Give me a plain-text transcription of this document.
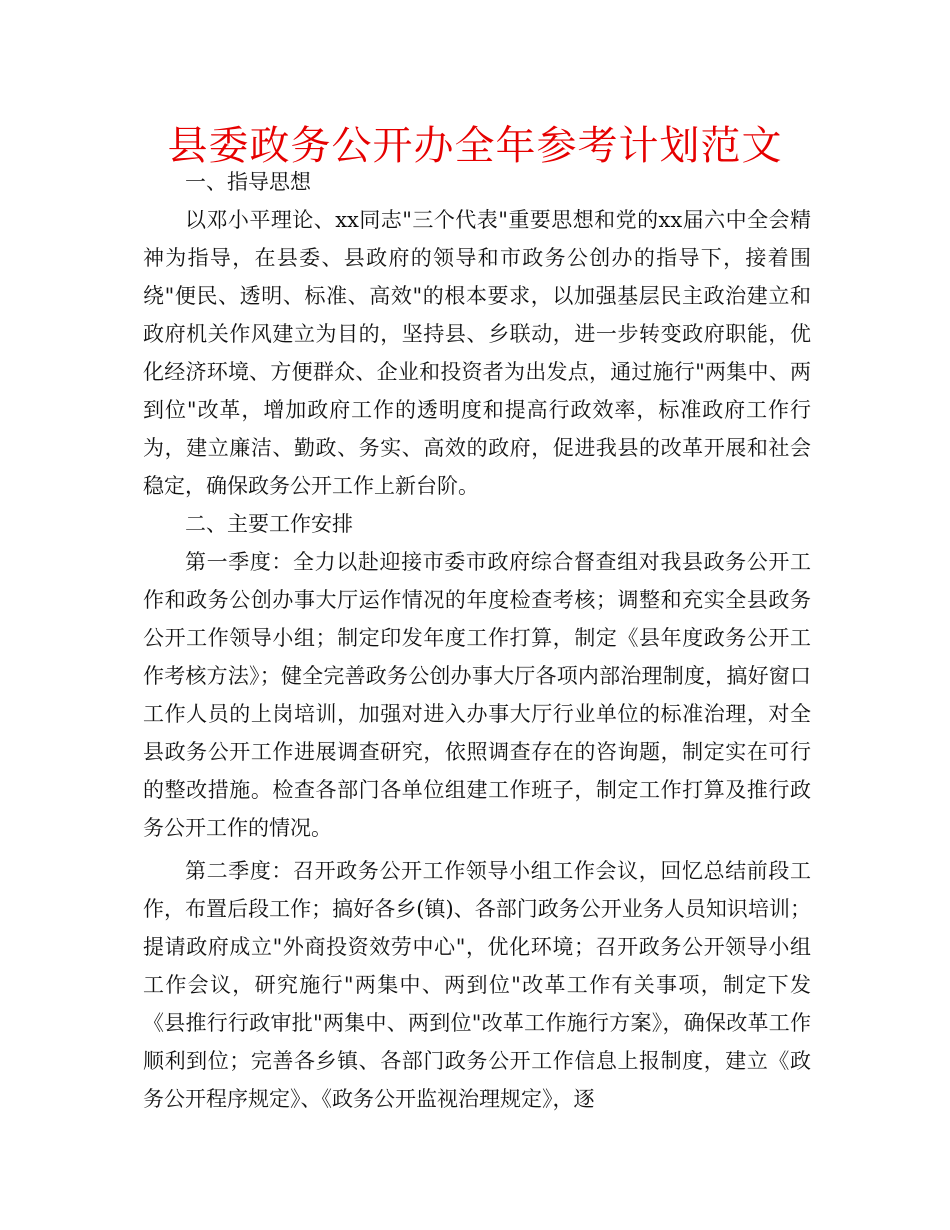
县委政务公开办全年参考计划范文

一、指导思想

以邓小平理论、xx同志"三个代表"重要思想和党的xx届六中全会精神为指导，在县委、县政府的领导和市政务公创办的指导下，接着围绕"便民、透明、标准、高效"的根本要求，以加强基层民主政治建立和政府机关作风建立为目的，坚持县、乡联动，进一步转变政府职能，优化经济环境、方便群众、企业和投资者为出发点，通过施行"两集中、两到位"改革，增加政府工作的透明度和提高行政效率，标准政府工作行为，建立廉洁、勤政、务实、高效的政府，促进我县的改革开展和社会稳定，确保政务公开工作上新台阶。

二、主要工作安排

第一季度：全力以赴迎接市委市政府综合督查组对我县政务公开工作和政务公创办事大厅运作情况的年度检查考核；调整和充实全县政务公开工作领导小组；制定印发年度工作打算，制定《县年度政务公开工作考核方法》；健全完善政务公创办事大厅各项内部治理制度，搞好窗口工作人员的上岗培训，加强对进入办事大厅行业单位的标准治理，对全县政务公开工作进展调查研究，依照调查存在的咨询题，制定实在可行的整改措施。检查各部门各单位组建工作班子，制定工作打算及推行政务公开工作的情况。

第二季度：召开政务公开工作领导小组工作会议，回忆总结前段工作，布置后段工作；搞好各乡(镇)、各部门政务公开业务人员知识培训；提请政府成立"外商投资效劳中心"，优化环境；召开政务公开领导小组工作会议，研究施行"两集中、两到位"改革工作有关事项，制定下发《县推行行政审批"两集中、两到位"改革工作施行方案》，确保改革工作顺利到位；完善各乡镇、各部门政务公开工作信息上报制度，建立《政务公开程序规定》、《政务公开监视治理规定》，逐
